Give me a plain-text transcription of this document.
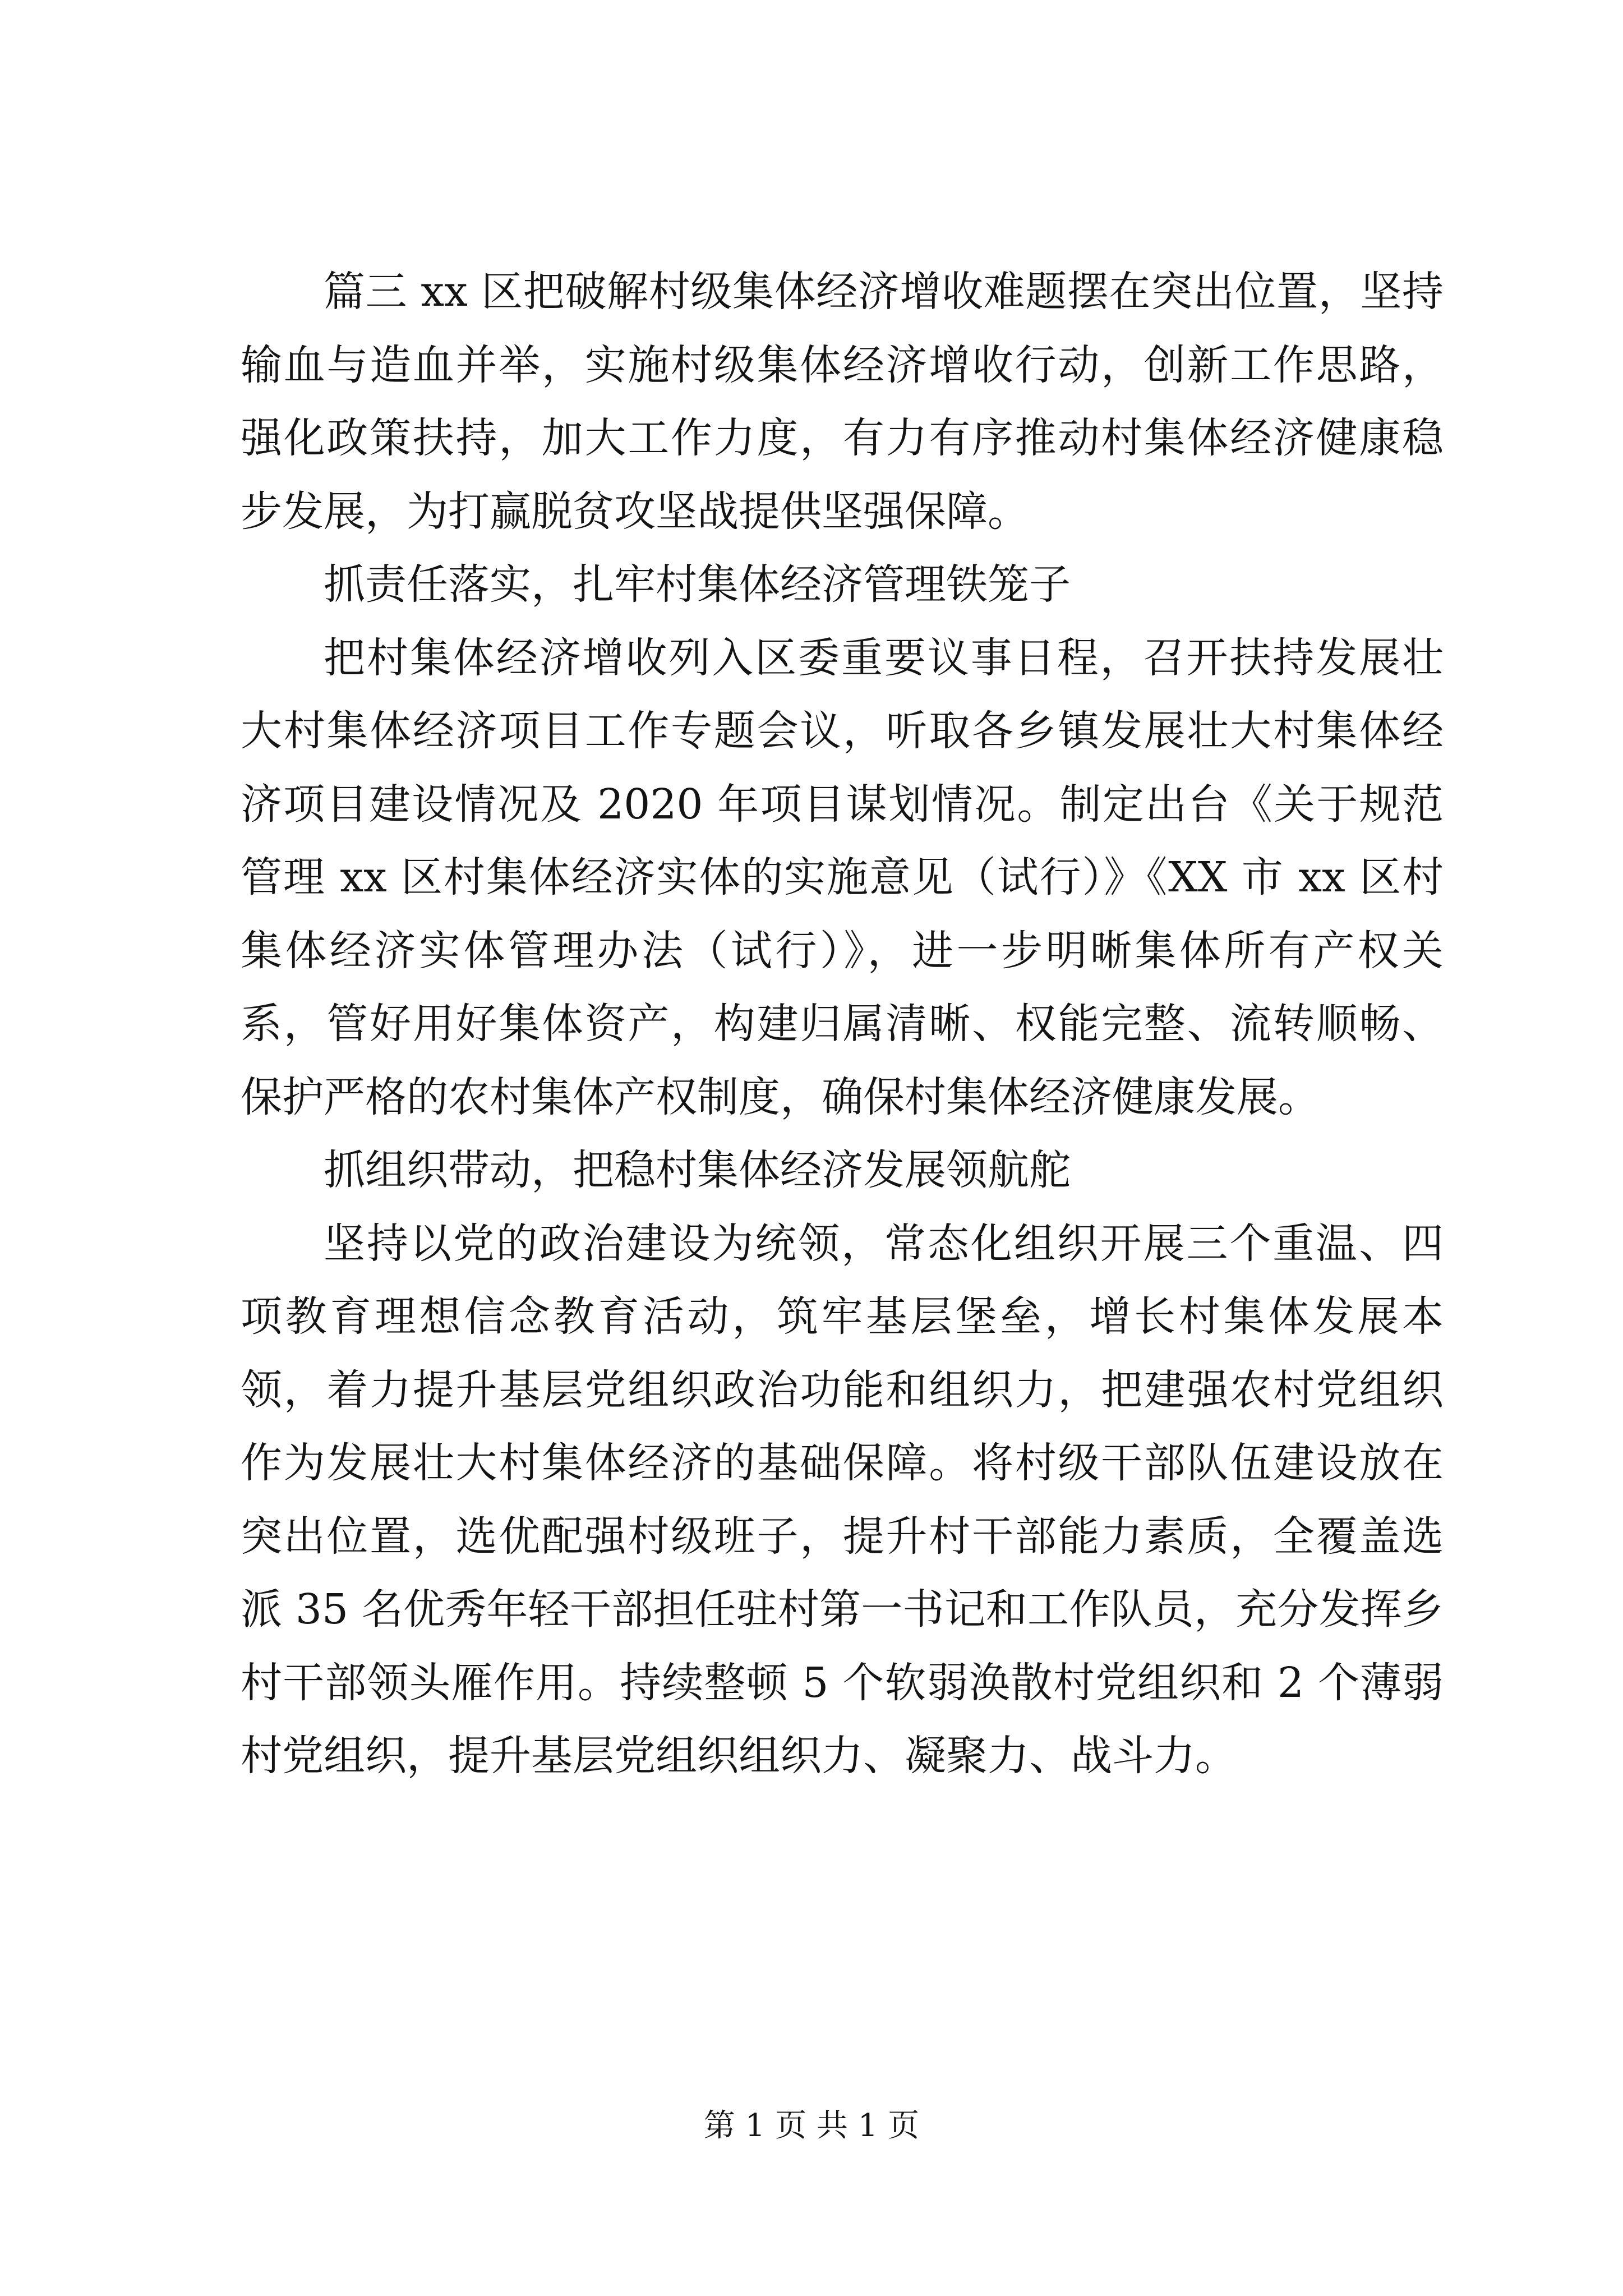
篇三 xx 区把破解村级集体经济增收难题摆在突出位置，坚持输血与造血并举，实施村级集体经济增收行动，创新工作思路，强化政策扶持，加大工作力度，有力有序推动村集体经济健康稳步发展，为打赢脱贫攻坚战提供坚强保障。

抓责任落实，扎牢村集体经济管理铁笼子

把村集体经济增收列入区委重要议事日程，召开扶持发展壮大村集体经济项目工作专题会议，听取各乡镇发展壮大村集体经济项目建设情况及 2020 年项目谋划情况。制定出台《关于规范管理 xx 区村集体经济实体的实施意见（试行）》《XX 市 xx 区村集体经济实体管理办法（试行）》，进一步明晰集体所有产权关系，管好用好集体资产，构建归属清晰、权能完整、流转顺畅、保护严格的农村集体产权制度，确保村集体经济健康发展。

抓组织带动，把稳村集体经济发展领航舵

坚持以党的政治建设为统领，常态化组织开展三个重温、四项教育理想信念教育活动，筑牢基层堡垒，增长村集体发展本领，着力提升基层党组织政治功能和组织力，把建强农村党组织作为发展壮大村集体经济的基础保障。将村级干部队伍建设放在突出位置，选优配强村级班子，提升村干部能力素质，全覆盖选派 35 名优秀年轻干部担任驻村第一书记和工作队员，充分发挥乡村干部领头雁作用。持续整顿 5 个软弱涣散村党组织和 2 个薄弱村党组织，提升基层党组织组织力、凝聚力、战斗力。

第 1 页 共 1 页
